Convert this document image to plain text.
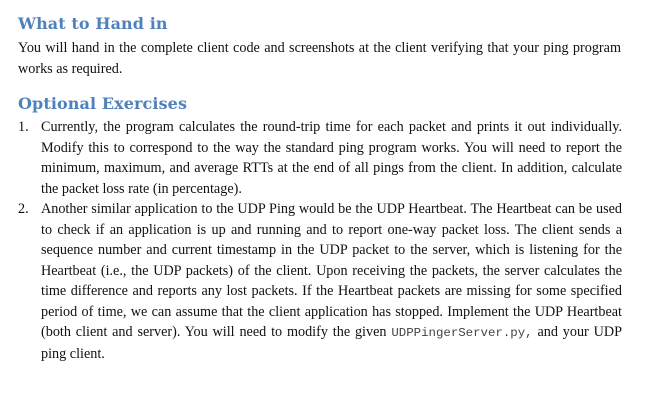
What to Hand in

You will hand in the complete client code and screenshots at the client verifying that your ping program works as required.

Optional Exercises
1. Currently, the program calculates the round-trip time for each packet and prints it out individually. Modify this to correspond to the way the standard ping program works. You will need to report the minimum, maximum, and average RTTs at the end of all pings from the client. In addition, calculate the packet loss rate (in percentage).
2. Another similar application to the UDP Ping would be the UDP Heartbeat. The Heartbeat can be used to check if an application is up and running and to report one-way packet loss. The client sends a sequence number and current timestamp in the UDP packet to the server, which is listening for the Heartbeat (i.e., the UDP packets) of the client. Upon receiving the packets, the server calculates the time difference and reports any lost packets. If the Heartbeat packets are missing for some specified period of time, we can assume that the client application has stopped. Implement the UDP Heartbeat (both client and server). You will need to modify the given UDPPingerServer.py, and your UDP ping client.
